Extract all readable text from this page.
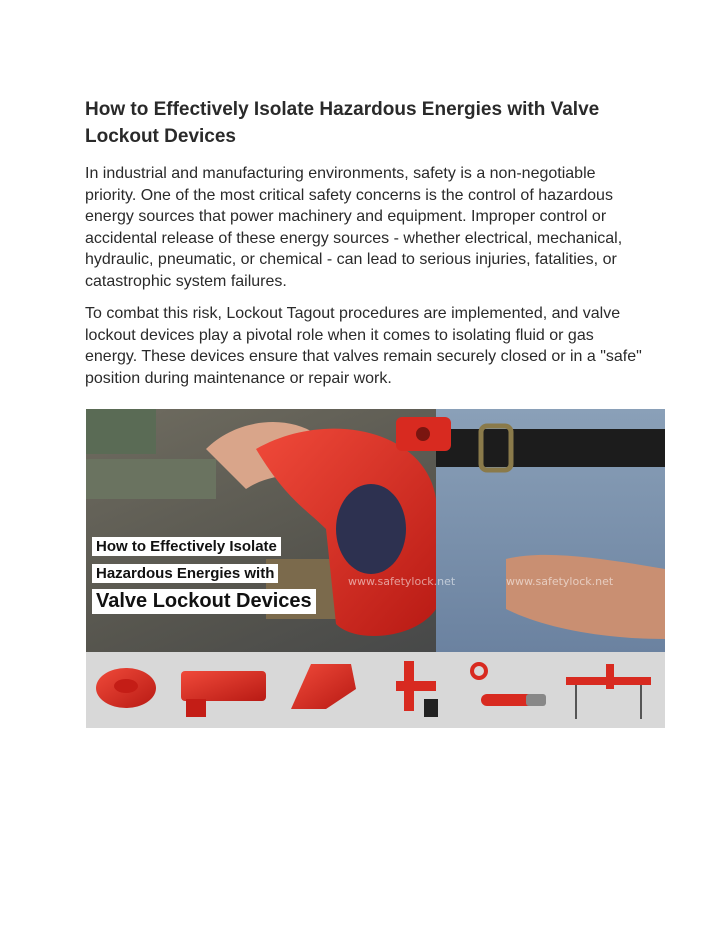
How to Effectively Isolate Hazardous Energies with Valve Lockout Devices

In industrial and manufacturing environments, safety is a non-negotiable priority. One of the most critical safety concerns is the control of hazardous energy sources that power machinery and equipment. Improper control or accidental release of these energy sources - whether electrical, mechanical, hydraulic, pneumatic, or chemical - can lead to serious injuries, fatalities, or catastrophic system failures.

To combat this risk, Lockout Tagout procedures are implemented, and valve lockout devices play a pivotal role when it comes to isolating fluid or gas energy. These devices ensure that valves remain securely closed or in a "safe" position during maintenance or repair work.

How to Effectively Isolate
Hazardous Energies with
Valve Lockout Devices
www.safetylock.net	www.safetylock.net
